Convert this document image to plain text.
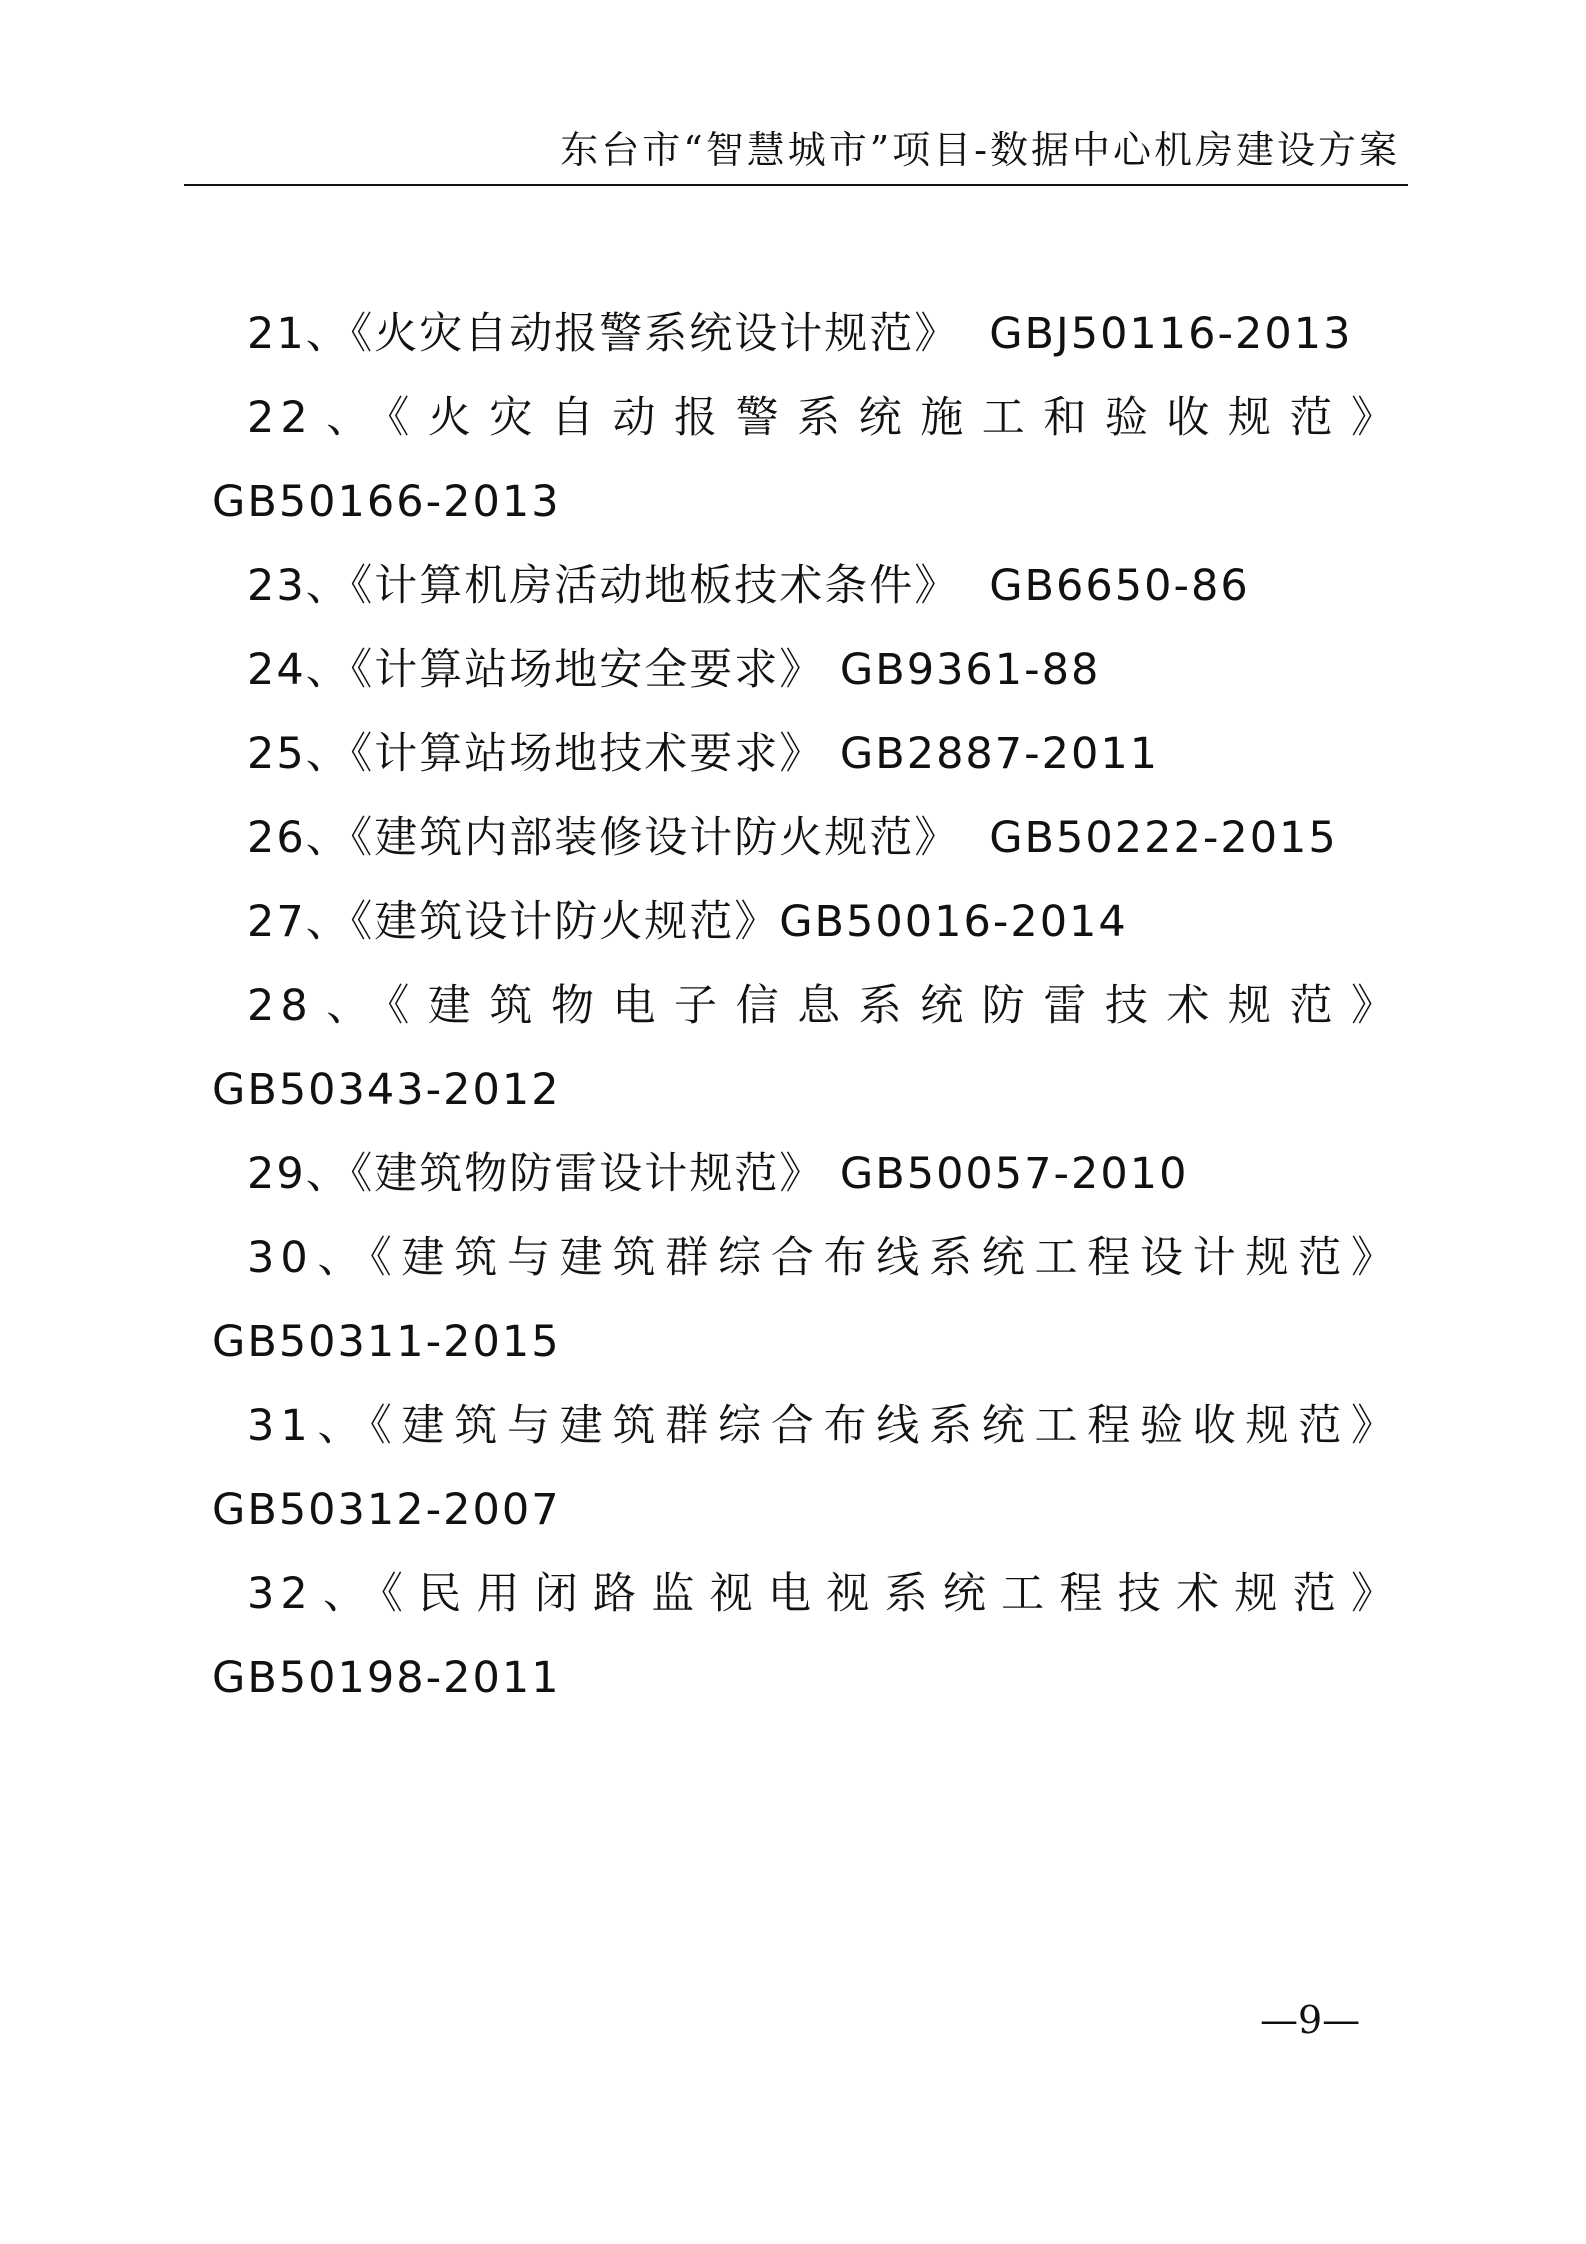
东台市“智慧城市”项目-数据中心机房建设方案

21、《火灾自动报警系统设计规范》 GBJ50116-2013

22、《火灾自动报警系统施工和验收规范》
GB50166-2013

23、《计算机房活动地板技术条件》 GB6650-86

24、《计算站场地安全要求》 GB9361-88

25、《计算站场地技术要求》 GB2887-2011

26、《建筑内部装修设计防火规范》 GB50222-2015

27、《建筑设计防火规范》GB50016-2014

28、《建筑物电子信息系统防雷技术规范》
GB50343-2012

29、《建筑物防雷设计规范》 GB50057-2010

30、《建筑与建筑群综合布线系统工程设计规范》
GB50311-2015

31、《建筑与建筑群综合布线系统工程验收规范》
GB50312-2007

32、《民用闭路监视电视系统工程技术规范》
GB50198-2011

—9—
